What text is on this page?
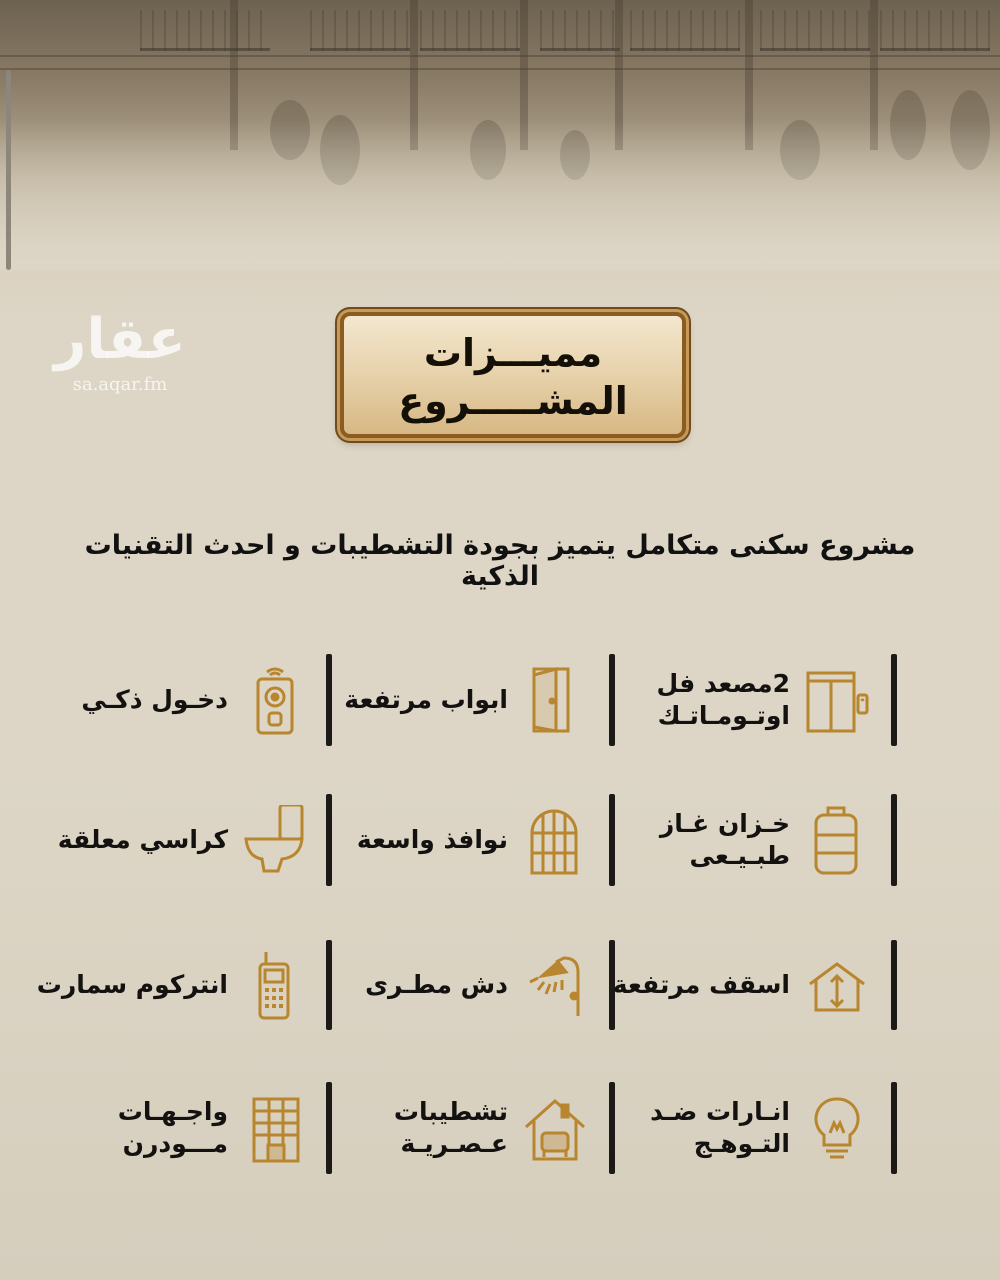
عقار
sa.aqar.fm
مميـــزات
المشـــــروع
مشروع سكنى متكامل يتميز بجودة التشطيبات و احدث التقنيات الذكية
2مصعد فل
اوتـومـاتـك
ابواب مرتفعة
دخـول ذكـي
خـزان غـاز
طبـيـعى
نوافذ واسعة
كراسي معلقة
اسقف مرتفعة
دش مطـرى
انتركوم سمارت
انـارات ضـد
التـوهـج
تشطيبات
عـصـريـة
واجـهـات
مـــودرن
